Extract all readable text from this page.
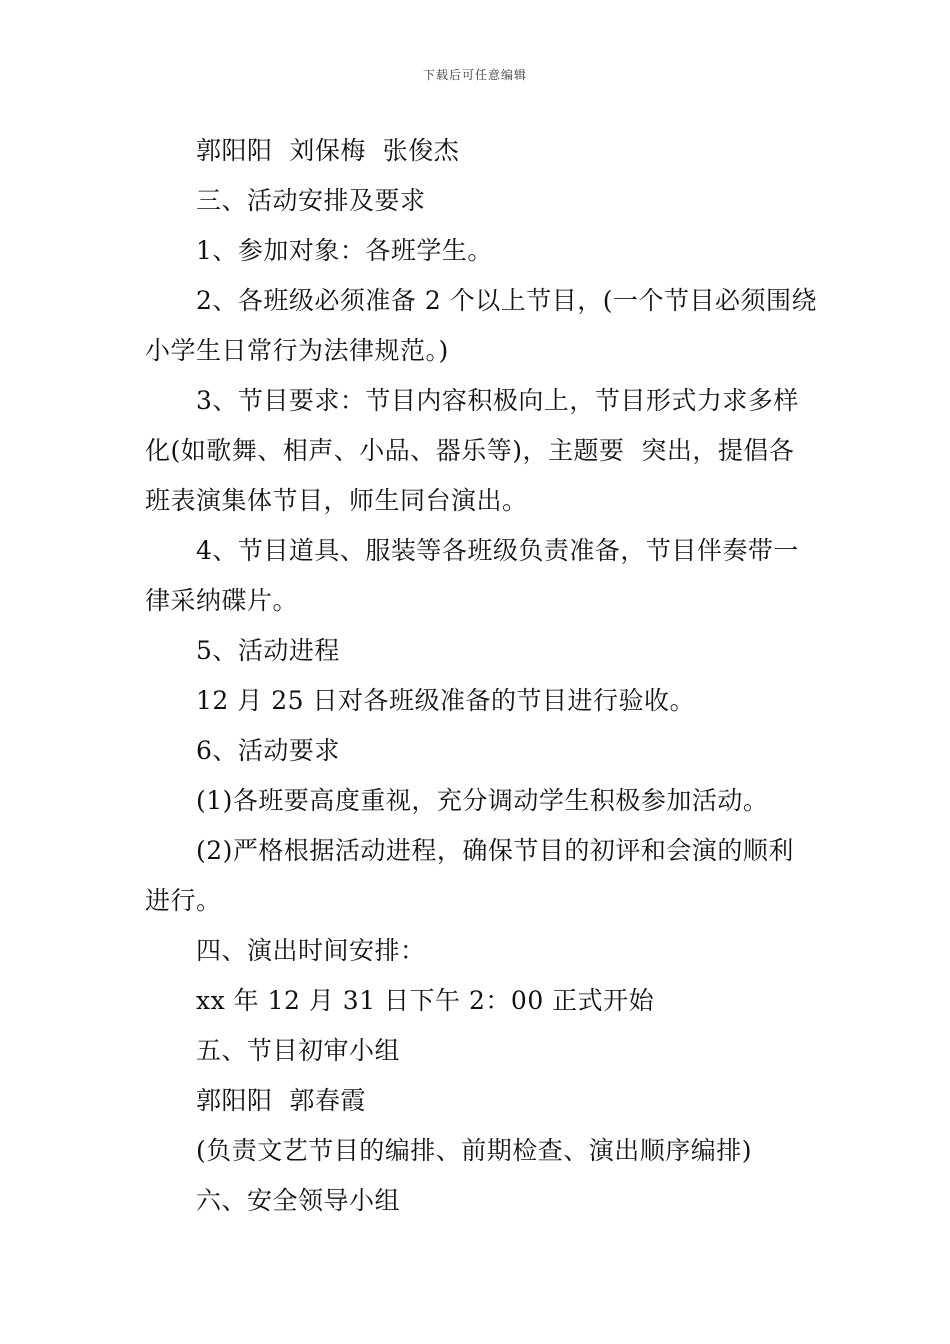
下载后可任意编辑
郭阳阳  刘保梅  张俊杰
三、活动安排及要求
1、参加对象：各班学生。
2、各班级必须准备 2 个以上节目，(一个节目必须围绕
小学生日常行为法律规范。)
3、节目要求：节目内容积极向上，节目形式力求多样
化(如歌舞、相声、小品、器乐等)，主题要  突出，提倡各
班表演集体节目，师生同台演出。
4、节目道具、服装等各班级负责准备，节目伴奏带一
律采纳碟片。
5、活动进程
12 月 25 日对各班级准备的节目进行验收。
6、活动要求
(1)各班要高度重视，充分调动学生积极参加活动。
(2)严格根据活动进程，确保节目的初评和会演的顺利
进行。
四、演出时间安排：
xx 年 12 月 31 日下午 2：00 正式开始
五、节目初审小组
郭阳阳  郭春霞
(负责文艺节目的编排、前期检查、演出顺序编排)
六、安全领导小组
